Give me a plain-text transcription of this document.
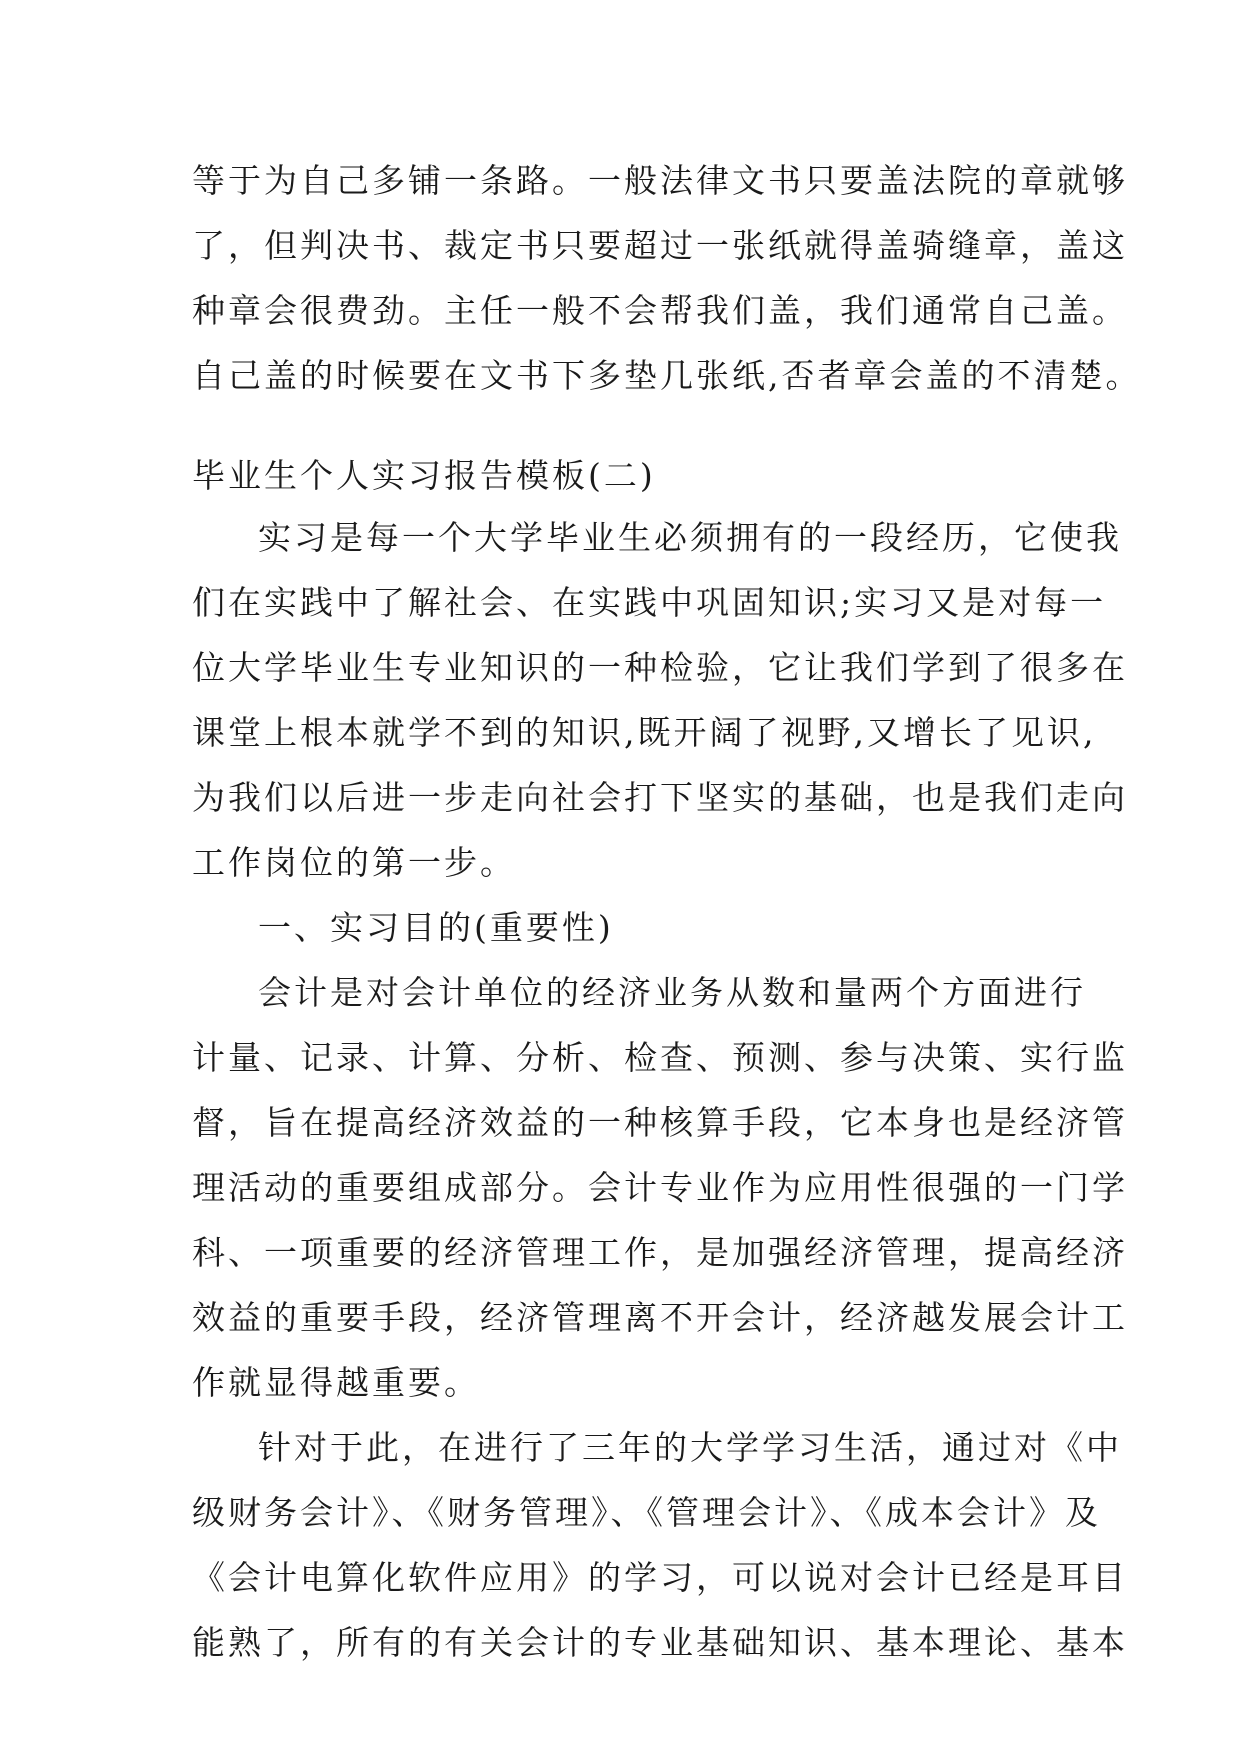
等于为自己多铺一条路。一般法律文书只要盖法院的章就够
了，但判决书、裁定书只要超过一张纸就得盖骑缝章，盖这
种章会很费劲。主任一般不会帮我们盖，我们通常自己盖。
自己盖的时候要在文书下多垫几张纸,否者章会盖的不清楚。
毕业生个人实习报告模板(二)
实习是每一个大学毕业生必须拥有的一段经历，它使我
们在实践中了解社会、在实践中巩固知识;实习又是对每一
位大学毕业生专业知识的一种检验，它让我们学到了很多在
课堂上根本就学不到的知识,既开阔了视野,又增长了见识,
为我们以后进一步走向社会打下坚实的基础，也是我们走向
工作岗位的第一步。
一、实习目的(重要性)
会计是对会计单位的经济业务从数和量两个方面进行
计量、记录、计算、分析、检查、预测、参与决策、实行监
督，旨在提高经济效益的一种核算手段，它本身也是经济管
理活动的重要组成部分。会计专业作为应用性很强的一门学
科、一项重要的经济管理工作，是加强经济管理，提高经济
效益的重要手段，经济管理离不开会计，经济越发展会计工
作就显得越重要。
针对于此，在进行了三年的大学学习生活，通过对《中
级财务会计》、《财务管理》、《管理会计》、《成本会计》及
《会计电算化软件应用》的学习，可以说对会计已经是耳目
能熟了，所有的有关会计的专业基础知识、基本理论、基本
